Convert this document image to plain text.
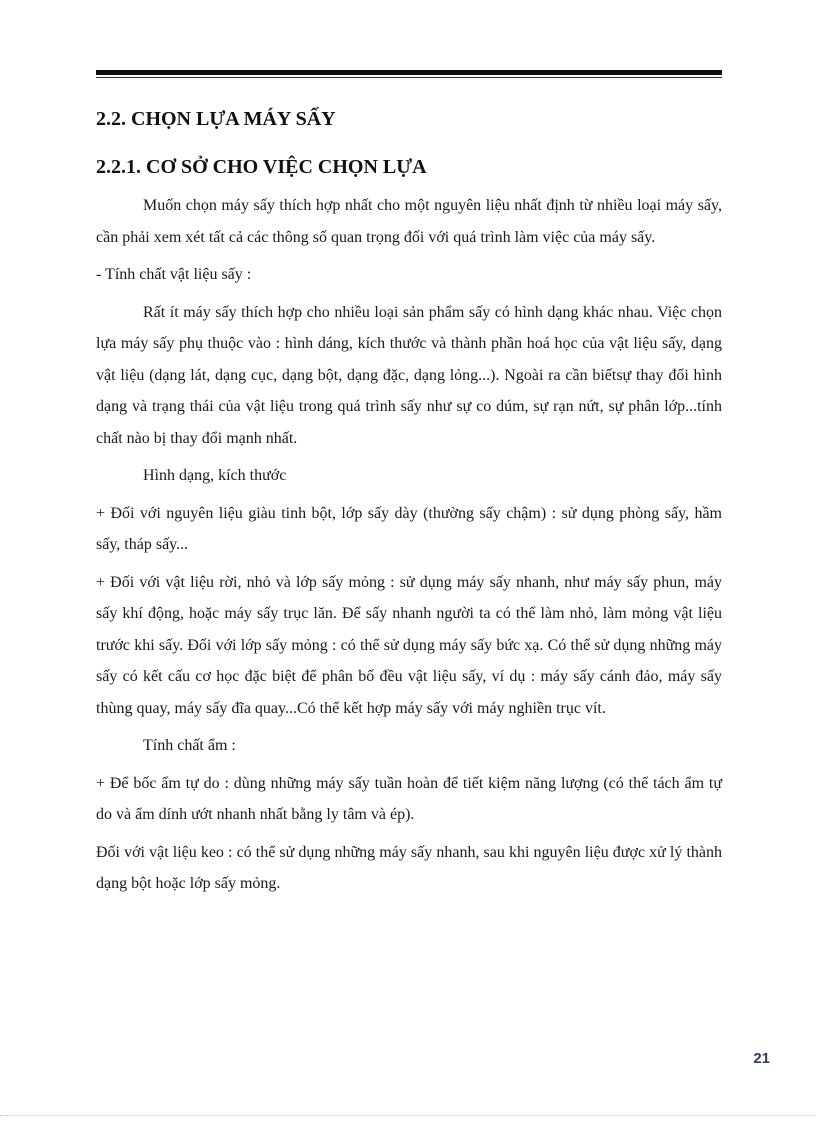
2.2. CHỌN LỰA MÁY SẤY
2.2.1. CƠ SỞ CHO VIỆC CHỌN LỰA

Muốn chọn máy sấy thích hợp nhất cho một nguyên liệu nhất định từ nhiều loại máy sấy, cần phải xem xét tất cả các thông số quan trọng đối với quá trình làm việc của máy sấy.

- Tính chất vật liệu sấy :

Rất ít máy sấy thích hợp cho nhiều loại sản phẩm sấy có hình dạng khác nhau. Việc chọn lựa máy sấy phụ thuộc vào : hình dáng, kích thước và thành phần hoá học của vật liệu sấy, dạng vật liệu (dạng lát, dạng cục, dạng bột, dạng đặc, dạng lỏng...). Ngoài ra cần biếtsự thay đổi hình dạng và trạng thái của vật liệu trong quá trình sấy như sự co dúm, sự rạn nứt, sự phân lớp...tính chất nào bị thay đổi mạnh nhất.

Hình dạng, kích thước

+ Đối với nguyên liệu giàu tinh bột, lớp sấy dày (thường sấy chậm) : sử dụng phòng sấy, hầm sấy, tháp sấy...

+ Đối với vật liệu rời, nhỏ và lớp sấy mỏng : sử dụng máy sấy nhanh, như máy sấy phun, máy sấy khí động, hoặc máy sấy trục lăn. Để sấy nhanh người ta có thể làm nhỏ, làm mỏng vật liệu trước khi sấy. Đối với lớp sấy mỏng : có thể sử dụng máy sấy bức xạ. Có thể sử dụng những máy sấy có kết cấu cơ học đặc biệt để phân bố đều vật liệu sấy, ví dụ : máy sấy cánh đảo, máy sấy thùng quay, máy sấy đĩa quay...Có thể kết hợp máy sấy với máy nghiền trục vít.

Tính chất ẩm :

+ Để bốc ẩm tự do : dùng những máy sấy tuần hoàn để tiết kiệm năng lượng (có thể tách ẩm tự do và ẩm dính ướt nhanh nhất bằng ly tâm và ép).

Đối với vật liệu keo : có thể sử dụng những máy sấy nhanh, sau khi nguyên liệu được xử lý thành dạng bột hoặc lớp sấy mỏng.

21
